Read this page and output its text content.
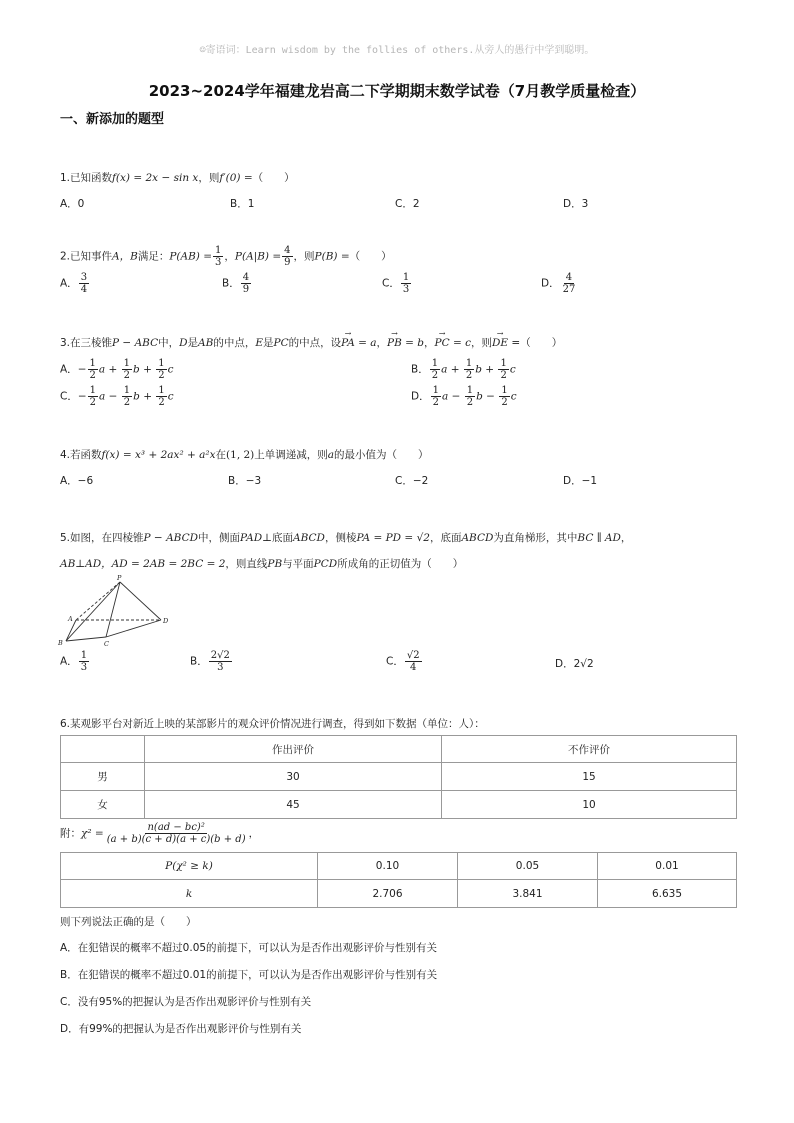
☺寄语词：Learn wisdom by the follies of others.从旁人的愚行中学到聪明。
2023~2024学年福建龙岩高二下学期期末数学试卷（7月教学质量检查）
一、新添加的题型
1.已知函数f(x) = 2x − sin x，则f′(0) =（　　）
A．0	B．1	C．2	D．3
2.已知事件A，B满足：$P(AB) = \frac{1}{3}$ ，$P(A|B) = \frac{4}{9}$ ，则P(B) =（　　）
A． $\frac{3}{4}$	B． $\frac{4}{9}$	C． $\frac{1}{3}$	D． $\frac{4}{27}$
3.在三棱锥P − ABC中，D是AB的中点，E是PC的中点，设→ PA = a，→ PB = b，→ PC = c，则→ DE =（　　）
A．− $\frac{1}{2}$ $a + \frac{1}{2}$ $b + \frac{1}{2}$ c	B． $\frac{1}{2}$ $a + \frac{1}{2}$ $b + \frac{1}{2}$ c
C．− $\frac{1}{2}$ $a - \frac{1}{2}$ $b + \frac{1}{2}$ c	D． $\frac{1}{2}$ $a - \frac{1}{2}$ $b - \frac{1}{2}$ c
4.若函数f(x) = x³ + 2ax² + a²x在(1, 2)上单调递减，则a的最小值为（　　）
A．−6	B．−3	C．−2	D．−1
5.如图，在四棱锥P − ABCD中，侧面PAD⊥底面ABCD，侧棱PA = PD = √2，底面ABCD为直角梯形，其中BC ∥ AD，
AB⊥AD，AD = 2AB = 2BC = 2，则直线PB与平面PCD所成角的正切值为（　　）
P
A
B	C
D
A． $\frac{1}{3}$	B． $\frac{2√2}{3}$	C． $\frac{√2}{4}$	D．2√2
6.某观影平台对新近上映的某部影片的观众评价情况进行调查，得到如下数据（单位：人）：
	作出评价	不作评价
男	30	15
女	45	10
附：$\chi^2 = \frac{\text{n(ad − bc)²}}{(a + b)(c + d)(a + c)(b + d)}$ ，
P(χ² ≥ k)	0.10	0.05	0.01
k	2.706	3.841	6.635
则下列说法正确的是（　　）
A．在犯错误的概率不超过0.05的前提下，可以认为是否作出观影评价与性别有关
B．在犯错误的概率不超过0.01的前提下，可以认为是否作出观影评价与性别有关
C．没有95%的把握认为是否作出观影评价与性别有关
D．有99%的把握认为是否作出观影评价与性别有关
